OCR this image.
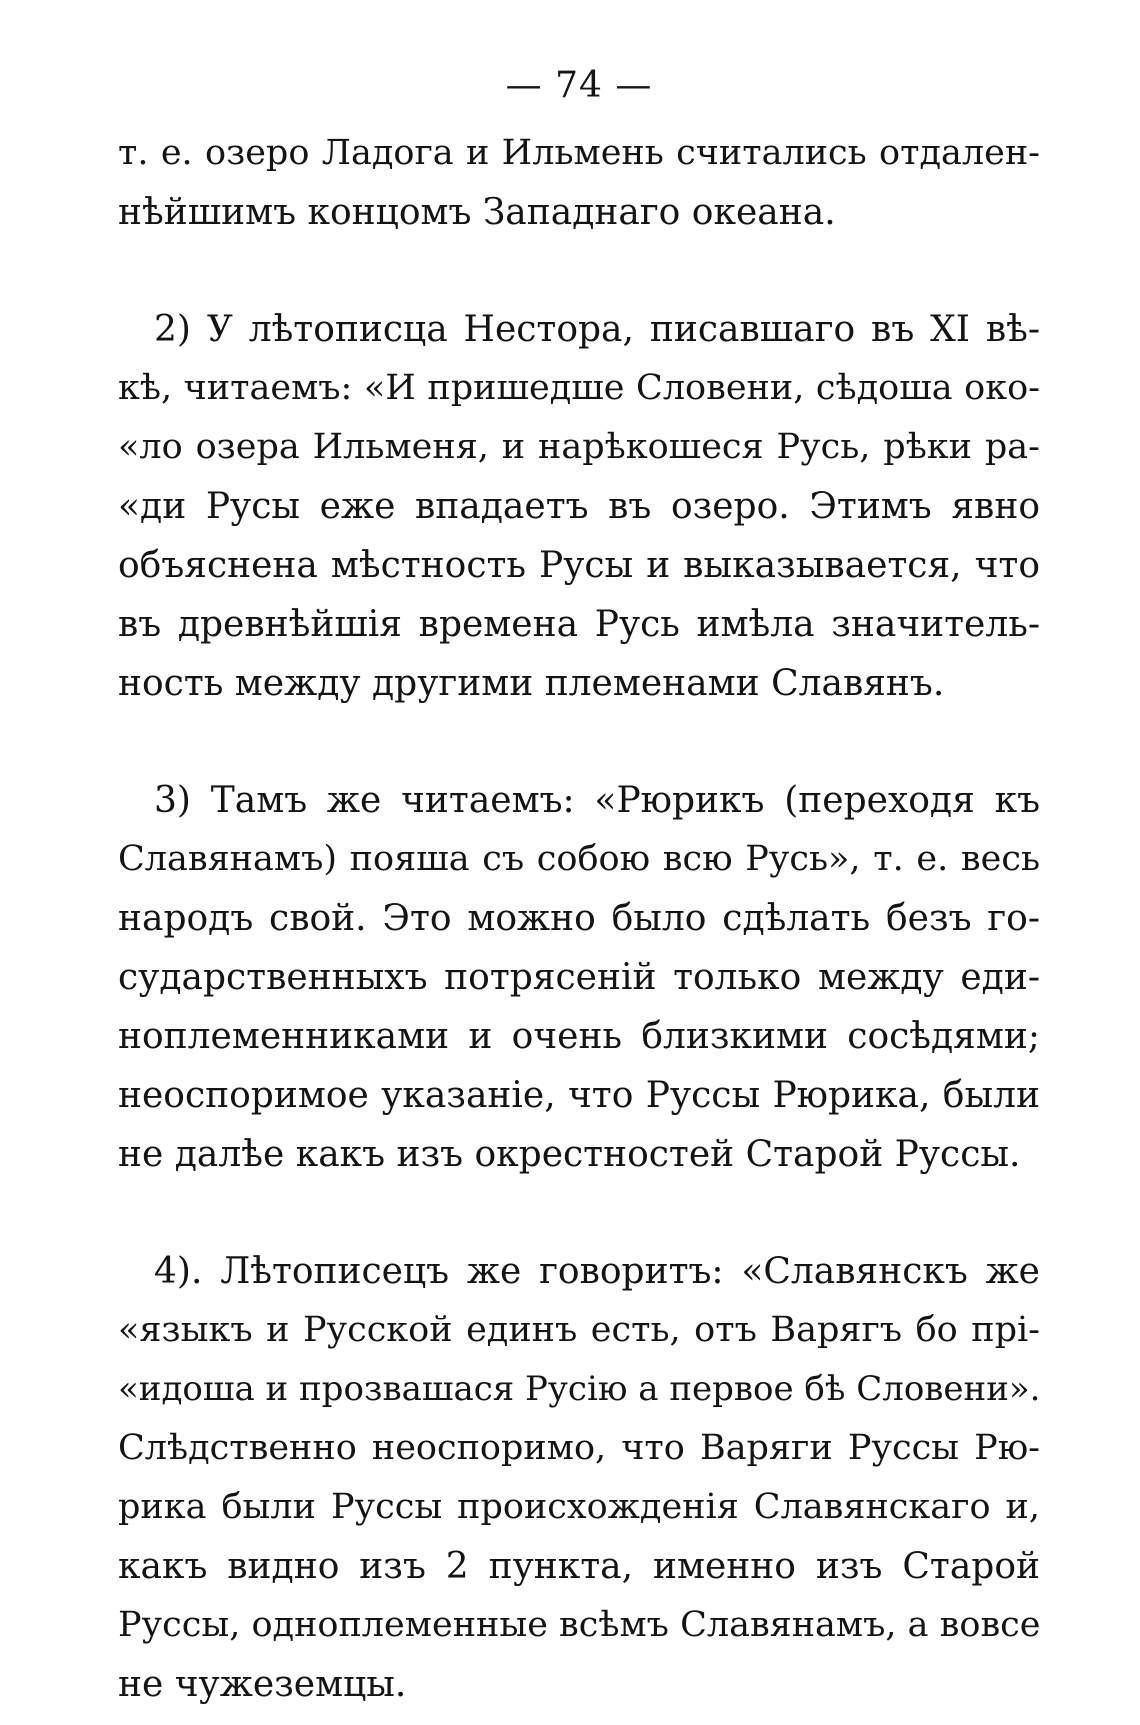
— 74 —
т. е. озеро Ладога и Ильмень считались отдален-
нѣйшимъ концомъ Западнаго океана.
2) У лѣтописца Нестора, писавшаго въ XI вѣ-
кѣ, читаемъ: «И пришедше Словени, сѣдоша око-
«ло озера Ильменя, и нарѣкошеся Русь, рѣки ра-
«ди Русы еже впадаетъ въ озеро. Этимъ явно
объяснена мѣстность Русы и выказывается, что
въ древнѣйшія времена Русь имѣла значитель-
ность между другими племенами Славянъ.
3) Тамъ же читаемъ: «Рюрикъ (переходя къ
Славянамъ) пояша съ собою всю Русь», т. е. весь
народъ свой. Это можно было сдѣлать безъ го-
сударственныхъ потрясеній только между еди-
ноплеменниками и очень близкими сосѣдями;
неоспоримое указаніе, что Руссы Рюрика, были
не далѣе какъ изъ окрестностей Старой Руссы.
4). Лѣтописецъ же говоритъ: «Славянскъ же
«языкъ и Русской единъ есть, отъ Варягъ бо прі-
«идоша и прозвашася Русію а первое бѣ Словени».
Слѣдственно неоспоримо, что Варяги Руссы Рю-
рика были Руссы происхожденія Славянскаго и,
какъ видно изъ 2 пункта, именно изъ Старой
Руссы, одноплеменные всѣмъ Славянамъ, а вовсе
не чужеземцы.
